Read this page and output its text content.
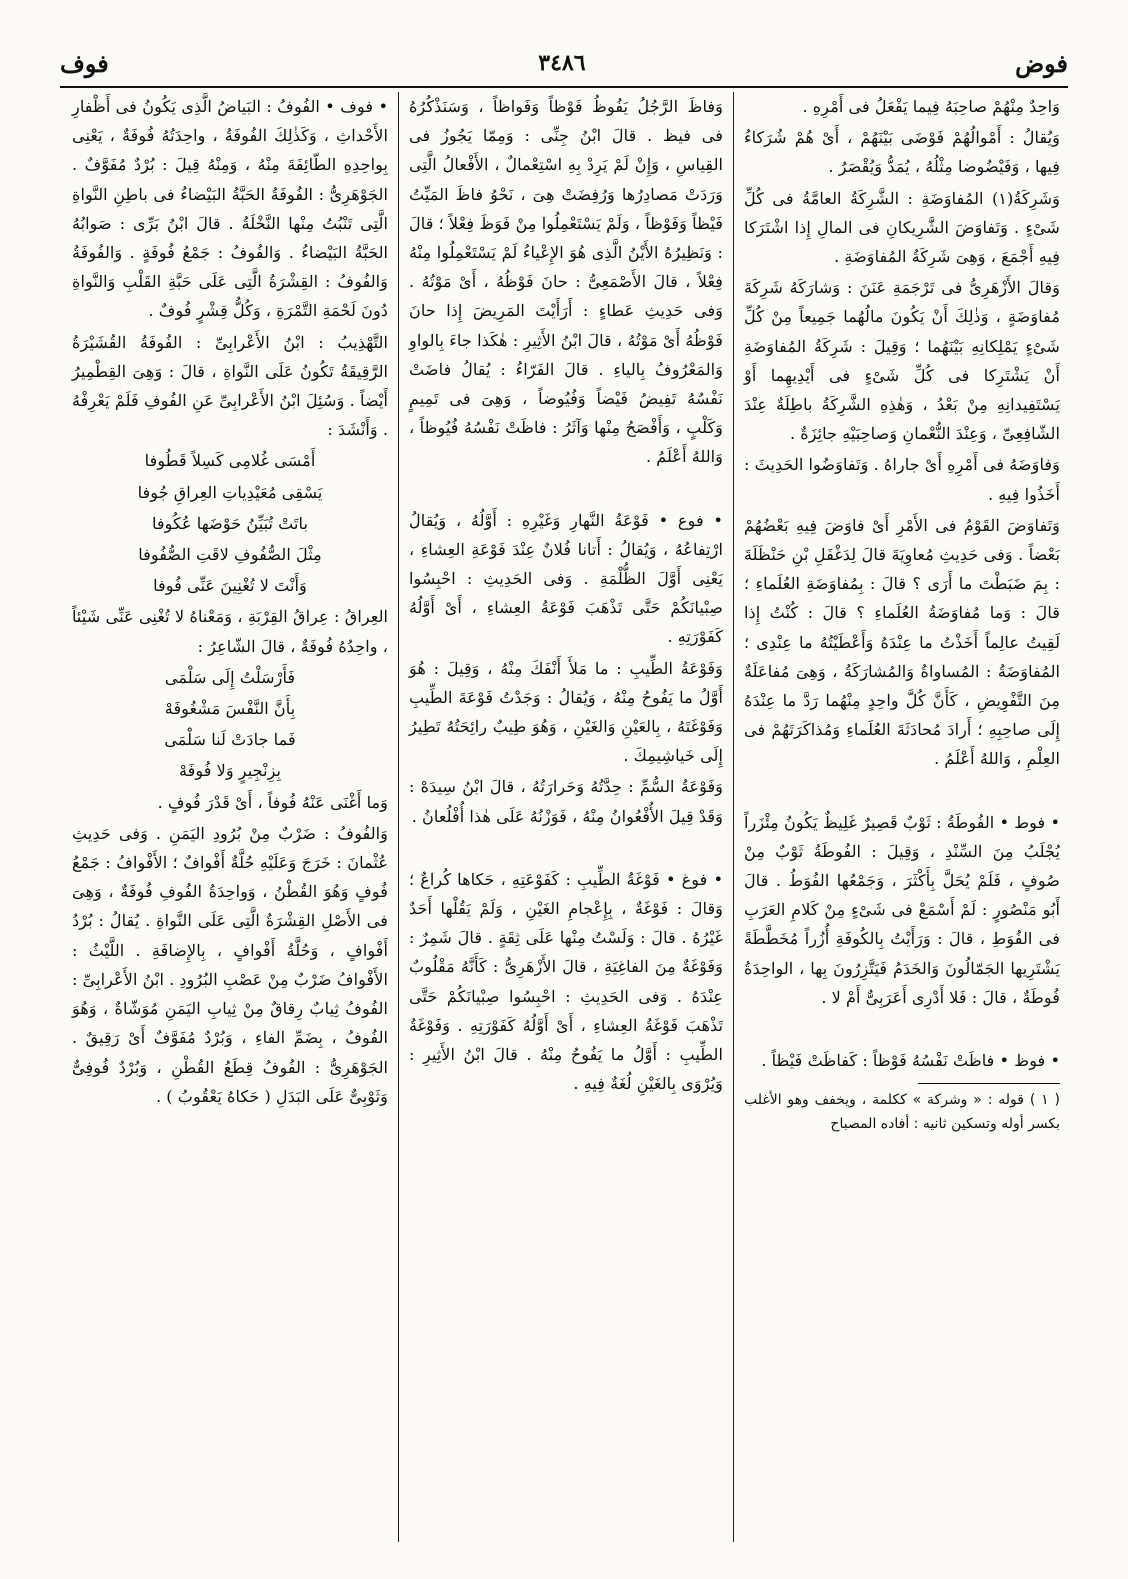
فوض
٣٤٨٦
فوف

وَاحِدٌ مِنْهُمْ صاحِبَهُ فِيما يَفْعَلُ فى أَمْرِهِ .

وَيُقالُ : أَمْوالُهُمْ فَوْضَى بَيْنَهُمْ ، أَىْ هُمْ شُرَكاءُ فِيها ، وَفَيْضُوضا مِثْلُهُ ، يُمَدُّ وَيُقْصَرُ .

وَشَرِكَةُ(١) المُفاوَضَةِ : الشَّرِكَةُ العامَّةُ فى كُلِّ شَىْءٍ . وَتَفاوَضَ الشَّرِيكانِ فى المالِ إِذا اشْتَرَكا فِيهِ أَجْمَعَ ، وَهِىَ شَرِكَةُ المُفاوَضَةِ .

وَقالَ الأَزْهَرِىُّ فى تَرْجَمَةِ عَنَنَ : وَشارَكَهُ شَرِكَةَ مُفاوَضَةٍ ، وَذٰلِكَ أَنْ يَكُونَ مالُهُما جَمِيعاً مِنْ كُلِّ شَىْءٍ يَمْلِكانِهِ بَيْنَهُما ؛ وَقِيلَ : شَرِكَةُ المُفاوَضَةِ أَنْ يَشْتَرِكا فى كُلِّ شَىْءٍ فى أَيْدِيهِما أَوْ يَسْتَفِيدانِهِ مِنْ بَعْدُ ، وَهٰذِهِ الشَّرِكَةُ باطِلَةٌ عِنْدَ الشّافِعِىِّ ، وَعِنْدَ النُّعْمانِ وَصاحِبَيْهِ جائِزَةٌ .

وَفاوَضَهُ فى أَمْرِهِ أَىْ جاراهُ . وَتَفاوَضُوا الحَدِيثَ : أَخَذُوا فِيهِ .

وَتَفاوَضَ القَوْمُ فى الأَمْرِ أَىْ فاوَضَ فِيهِ بَعْضُهُمْ بَعْضاً . وَفى حَدِيثِ مُعاوِيَةَ قالَ لِدَغْفَلِ بْنِ حَنْظَلَةَ : بِمَ ضَبَطْتَ ما أَرَى ؟ قالَ : بِمُفاوَضَةِ العُلَماءِ ؛ قالَ : وَما مُفاوَضَةُ العُلَماءِ ؟ قالَ : كُنْتُ إِذا لَقِيتُ عالِماً أَخَذْتُ ما عِنْدَهُ وَأَعْطَيْتُهُ ما عِنْدِى ؛ المُفاوَضَةُ : المُساواةُ وَالمُشارَكَةُ ، وَهِىَ مُفاعَلَةٌ مِنَ التَّفْوِيضِ ، كَأَنَّ كُلَّ واحِدٍ مِنْهُما رَدَّ ما عِنْدَهُ إِلَى صاحِبِهِ ؛ أَرادَ مُحادَثَةَ العُلَماءِ وَمُذاكَرَتَهُمْ فى العِلْمِ ، وَاللهُ أَعْلَمُ .

• فوط • الفُوطَةُ : ثَوْبٌ قَصِيرٌ غَلِيظٌ يَكُونُ مِئْزَراً يُجْلَبُ مِنَ السِّنْدِ ، وَقِيلَ : الفُوطَةُ ثَوْبٌ مِنْ صُوفٍ ، فَلَمْ يُحَلَّ بِأَكْثَرَ ، وَجَمْعُها الفُوَطُ . قالَ أَبُو مَنْصُورٍ : لَمْ أَسْمَعْ فى شَىْءٍ مِنْ كَلامِ العَرَبِ فى الفُوَطِ ، قالَ : وَرَأَيْتُ بِالكُوفَةِ أُزُراً مُخَطَّطَةً يَشْتَرِيها الجَمّالُونَ وَالخَدَمُ فَيَتَّزِرُونَ بِها ، الواحِدَةُ فُوطَةٌ ، قالَ : فَلا أَدْرِى أَعَرَبِىٌّ أَمْ لا .

• فوظ • فاظَتْ نَفْسُهُ فَوْظاً : كَفاظَتْ فَيْظاً .

( ١ ) قوله : « وشركة » ككلمة ، ويخفف وهو الأغلب بكسر أوله وتسكين ثانيه : أفاده المصباح

وَفاظَ الرَّجُلُ يَفُوظُ فَوْظاً وَفَواظاً ، وَسَنَذْكُرُهُ فى فيظ . قالَ ابْنُ جِنِّى : وَمِمّا يَجُوزُ فى القِياسِ ، وَإِنْ لَمْ يَرِدْ بِهِ اسْتِعْمالٌ ، الأَفْعالُ الَّتِى وَرَدَتْ مَصادِرُها وَرُفِضَتْ هِىَ ، نَحْوُ فاظَ المَيِّتُ فَيْظاً وَفَوْظاً ، وَلَمْ يَسْتَعْمِلُوا مِنْ فَوَظَ فِعْلاً ؛ قالَ : وَنَظِيرُهُ الأَيْنُ الَّذِى هُوَ الإِعْياءُ لَمْ يَسْتَعْمِلُوا مِنْهُ فِعْلاً ، قالَ الأَصْمَعِىُّ : حانَ فَوْظُهُ ، أَىْ مَوْتُهُ . وَفى حَدِيثِ عَطاءٍ : أَرَأَيْتَ المَرِيضَ إِذا حانَ فَوْظُهُ أَىْ مَوْتُهُ ، قالَ ابْنُ الأَثِيرِ : هٰكَذا جاءَ بِالواوِ وَالمَعْرُوفُ بِالياءِ . قالَ الفَرّاءُ : يُقالُ فاضَتْ نَفْسُهُ تَفِيضُ فَيْضاً وَفُيُوضاً ، وَهِىَ فى تَمِيمٍ وَكَلْبٍ ، وَأَفْصَحُ مِنْها وَآثَرُ : فاظَتْ نَفْسُهُ فُيُوظاً ، وَاللهُ أَعْلَمُ .

• فوع • فَوْعَةُ النَّهارِ وَغَيْرِهِ : أَوَّلُهُ ، وَيُقالُ ارْتِفاعُهُ ، وَيُقالُ : أَتانا فُلانٌ عِنْدَ فَوْعَةِ العِشاءِ ، يَعْنِى أَوَّلَ الظُّلْمَةِ . وَفى الحَدِيثِ : احْبِسُوا صِبْيانَكُمْ حَتَّى تَذْهَبَ فَوْعَةُ العِشاءِ ، أَىْ أَوَّلُهُ كَفَوْرَتِهِ .

وَفَوْعَةُ الطِّيبِ : ما مَلأَ أَنْفَكَ مِنْهُ ، وَقِيلَ : هُوَ أَوَّلُ ما يَفُوحُ مِنْهُ ، وَيُقالُ : وَجَدْتُ فَوْعَةَ الطِّيبِ وَفَوْغَتَهُ ، بِالعَيْنِ وَالغَيْنِ ، وَهُوَ طِيبٌ رائِحَتُهُ تَطِيرُ إِلَى خَياشِيمِكَ .

وَفَوْعَةُ السُّمِّ : حِدَّتُهُ وَحَرارَتُهُ ، قالَ ابْنُ سِيدَهْ : وَقَدْ قِيلَ الأُفْعُوانُ مِنْهُ ، فَوَزْنُهُ عَلَى هٰذا أُفْلُعانُ .

• فوغ • فَوْغَةُ الطِّيبِ : كَفَوْعَتِهِ ، حَكاها كُراعٌ ؛ وَقالَ : فَوْغَةٌ ، بِإِعْجامِ الغَيْنِ ، وَلَمْ يَقُلْها أَحَدٌ غَيْرُهُ . قالَ : وَلَسْتُ مِنْها عَلَى ثِقَةٍ . قالَ شَمِرٌ : وَفَوْغَةٌ مِنَ الفاغِيَةِ ، قالَ الأَزْهَرِىُّ : كَأَنَّهُ مَقْلُوبٌ عِنْدَهُ . وَفى الحَدِيثِ : احْبِسُوا صِبْيانَكُمْ حَتَّى تَذْهَبَ فَوْغَةُ العِشاءِ ، أَىْ أَوَّلُهُ كَفَوْرَتِهِ . وَفَوْغَةُ الطِّيبِ : أَوَّلُ ما يَفُوحُ مِنْهُ . قالَ ابْنُ الأَثِيرِ : وَيُرْوَى بِالغَيْنِ لُغَةٌ فِيهِ .

• فوف • الفُوفُ : البَياضُ الَّذِى يَكُونُ فى أَظْفارِ الأَحْداثِ ، وَكَذٰلِكَ الفُوفَةُ ، واحِدَتُهُ فُوفَةٌ ، يَعْنِى بِواحِدِهِ الطّائِفَةَ مِنْهُ ، وَمِنْهُ قِيلَ : بُرْدٌ مُفَوَّفٌ . الجَوْهَرِىُّ : الفُوفَةُ الحَبَّةُ البَيْضاءُ فى باطِنِ النَّواةِ الَّتِى تَنْبُتُ مِنْها النَّخْلَةُ . قالَ ابْنُ بَرِّى : صَوابُهُ الحَبَّةُ البَيْضاءُ . وَالفُوفُ : جَمْعُ فُوفَةٍ . وَالفُوفَةُ وَالفُوفُ : القِشْرَةُ الَّتِى عَلَى حَبَّةِ القَلْبِ وَالنَّواةِ دُونَ لَحْمَةِ التَّمْرَةِ ، وَكُلُّ قِشْرٍ فُوفٌ .

التَّهْذِيبُ : ابْنُ الأَعْرابِىِّ : الفُوفَةُ القُشَيْرَةُ الرَّقِيقَةُ تَكُونُ عَلَى النَّواةِ ، قالَ : وَهِىَ القِطْمِيرُ أَيْضاً . وَسُئِلَ ابْنُ الأَعْرابِىِّ عَنِ الفُوفِ فَلَمْ يَعْرِفْهُ . وَأَنْشَدَ :

أَمْسَى غُلامِى كَسِلاً قَطُوفا

يَسْقِى مُعَيْدِياتِ العِراقِ جُوفا

باتَتْ تُبَيِّنُ حَوْضَها عُكُوفا

مِثْلَ الصُّفُوفِ لاقَتِ الصُّفُوفا

وَأَنْتَ لا تُغْنِينَ عَنِّى فُوفا

العِراقُ : عِراقُ القِرْبَةِ ، وَمَعْناهُ لا تُغْنِى عَنِّى شَيْئاً ، واحِدُهُ فُوفَةٌ ، قالَ الشّاعِرُ :

فَأَرْسَلْتُ إِلَى سَلْمَى

بِأَنَّ النَّفْسَ مَشْغُوفَهْ

فَما جادَتْ لَنا سَلْمَى

بِزِنْجِيرٍ وَلا فُوفَهْ

وَما أَغْنَى عَنْهُ فُوفاً ، أَىْ قَدْرَ فُوفٍ .

وَالفُوفُ : ضَرْبٌ مِنْ بُرُودِ اليَمَنِ . وَفى حَدِيثِ عُثْمانَ : خَرَجَ وَعَلَيْهِ حُلَّةٌ أَفْوافٌ ؛ الأَفْوافُ : جَمْعُ فُوفٍ وَهُوَ القُطْنُ ، وَواحِدَةُ الفُوفِ فُوفَةٌ ، وَهِىَ فى الأَصْلِ القِشْرَةُ الَّتِى عَلَى النَّواةِ . يُقالُ : بُرْدُ أَفْوافٍ ، وَحُلَّةُ أَفْوافٍ ، بِالإِضافَةِ . اللَّيْثُ : الأَفْوافُ ضَرْبٌ مِنْ عَصْبِ البُرُودِ . ابْنُ الأَعْرابِىِّ : الفُوفُ ثِيابٌ رِقاقٌ مِنْ ثِيابِ اليَمَنِ مُوَشّاةٌ ، وَهُوَ الفُوفُ ، بِضَمِّ الفاءِ ، وَبُرْدٌ مُفَوَّفٌ أَىْ رَقِيقٌ . الجَوْهَرِىُّ : الفُوفُ قِطَعُ القُطْنِ ، وَبُرْدٌ فُوفِىٌّ وَثَوْبِىٌّ عَلَى البَدَلِ ( حَكاهُ يَعْقُوبُ ) .
